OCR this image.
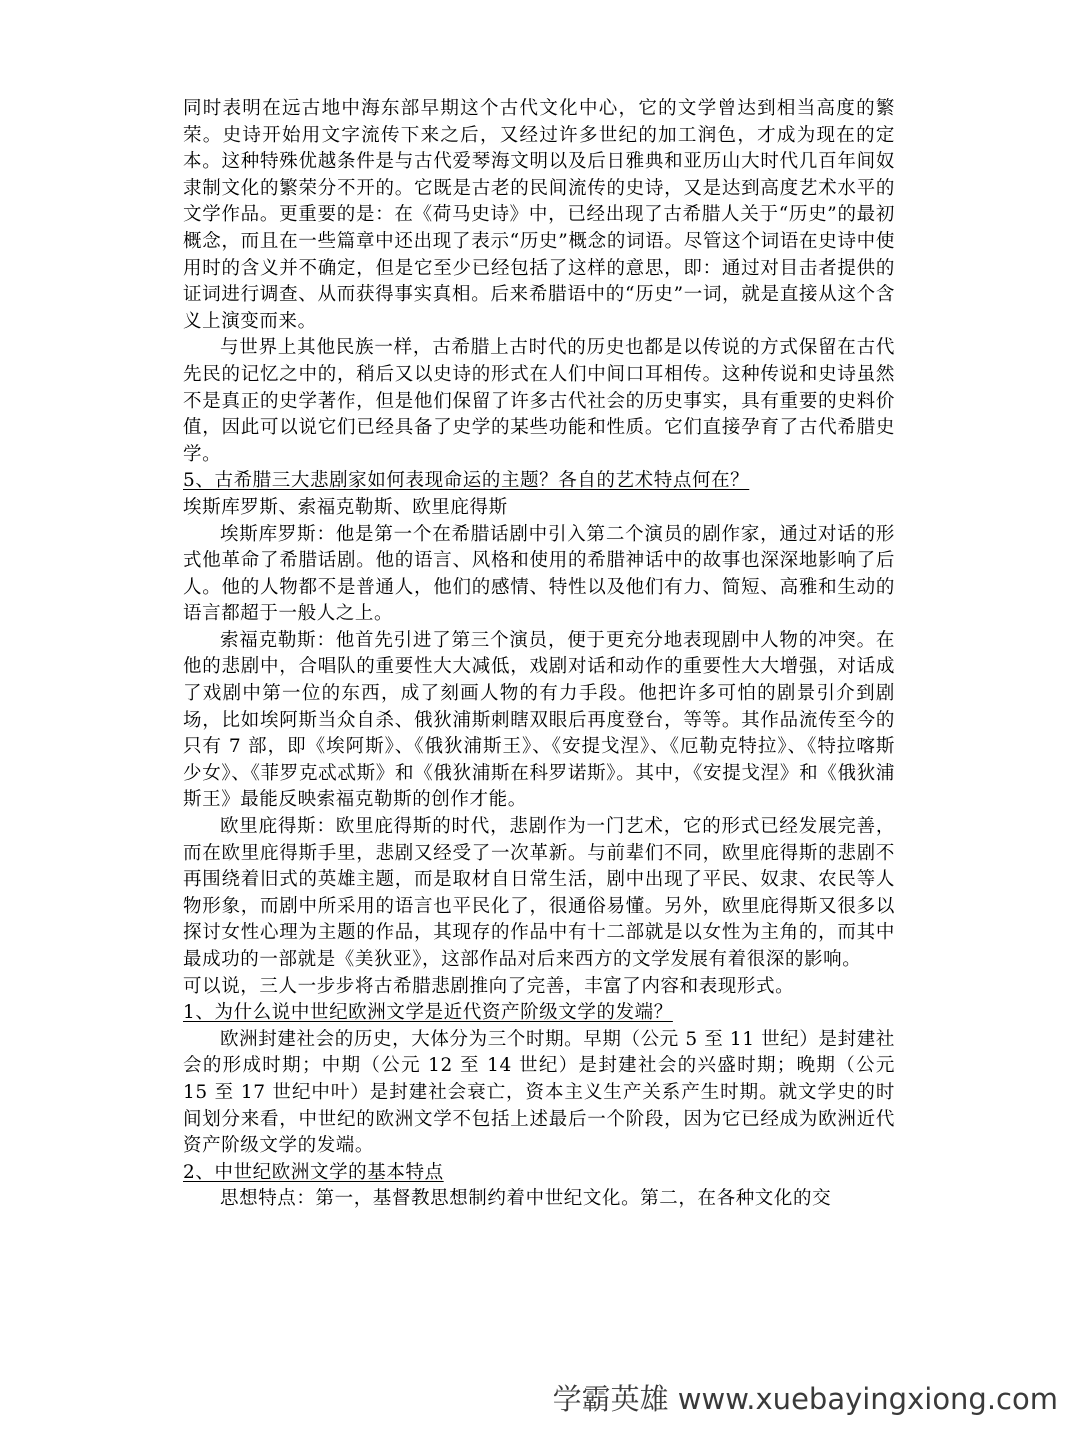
同时表明在远古地中海东部早期这个古代文化中心，它的文学曾达到相当高度的繁荣。史诗开始用文字流传下来之后，又经过许多世纪的加工润色，才成为现在的定本。这种特殊优越条件是与古代爱琴海文明以及后日雅典和亚历山大时代几百年间奴隶制文化的繁荣分不开的。它既是古老的民间流传的史诗，又是达到高度艺术水平的文学作品。更重要的是：在《荷马史诗》中，已经出现了古希腊人关于“历史”的最初概念，而且在一些篇章中还出现了表示“历史”概念的词语。尽管这个词语在史诗中使用时的含义并不确定，但是它至少已经包括了这样的意思，即：通过对目击者提供的证词进行调查、从而获得事实真相。后来希腊语中的“历史”一词，就是直接从这个含义上演变而来。

与世界上其他民族一样，古希腊上古时代的历史也都是以传说的方式保留在古代先民的记忆之中的，稍后又以史诗的形式在人们中间口耳相传。这种传说和史诗虽然不是真正的史学著作，但是他们保留了许多古代社会的历史事实，具有重要的史料价值，因此可以说它们已经具备了史学的某些功能和性质。它们直接孕育了古代希腊史学。

5、古希腊三大悲剧家如何表现命运的主题？各自的艺术特点何在？

埃斯库罗斯、索福克勒斯、欧里庇得斯

埃斯库罗斯：他是第一个在希腊话剧中引入第二个演员的剧作家，通过对话的形式他革命了希腊话剧。他的语言、风格和使用的希腊神话中的故事也深深地影响了后人。他的人物都不是普通人，他们的感情、特性以及他们有力、简短、高雅和生动的语言都超于一般人之上。

索福克勒斯：他首先引进了第三个演员，便于更充分地表现剧中人物的冲突。在他的悲剧中，合唱队的重要性大大减低，戏剧对话和动作的重要性大大增强，对话成了戏剧中第一位的东西，成了刻画人物的有力手段。他把许多可怕的剧景引介到剧场，比如埃阿斯当众自杀、俄狄浦斯刺瞎双眼后再度登台，等等。其作品流传至今的只有 7 部，即《埃阿斯》、《俄狄浦斯王》、《安提戈涅》、《厄勒克特拉》、《特拉喀斯少女》、《菲罗克忒忒斯》和《俄狄浦斯在科罗诺斯》。其中，《安提戈涅》和《俄狄浦斯王》最能反映索福克勒斯的创作才能。

欧里庇得斯：欧里庇得斯的时代，悲剧作为一门艺术，它的形式已经发展完善，而在欧里庇得斯手里，悲剧又经受了一次革新。与前辈们不同，欧里庇得斯的悲剧不再围绕着旧式的英雄主题，而是取材自日常生活，剧中出现了平民、奴隶、农民等人物形象，而剧中所采用的语言也平民化了，很通俗易懂。另外，欧里庇得斯又很多以探讨女性心理为主题的作品，其现存的作品中有十二部就是以女性为主角的，而其中最成功的一部就是《美狄亚》，这部作品对后来西方的文学发展有着很深的影响。

可以说，三人一步步将古希腊悲剧推向了完善，丰富了内容和表现形式。

1、为什么说中世纪欧洲文学是近代资产阶级文学的发端？

欧洲封建社会的历史，大体分为三个时期。早期（公元 5 至 11 世纪）是封建社会的形成时期；中期（公元 12 至 14 世纪）是封建社会的兴盛时期；晚期（公元 15 至 17 世纪中叶）是封建社会衰亡，资本主义生产关系产生时期。就文学史的时间划分来看，中世纪的欧洲文学不包括上述最后一个阶段，因为它已经成为欧洲近代资产阶级文学的发端。

2、中世纪欧洲文学的基本特点

思想特点：第一，基督教思想制约着中世纪文化。第二，在各种文化的交

学霸英雄 www.xuebayingxiong.com
